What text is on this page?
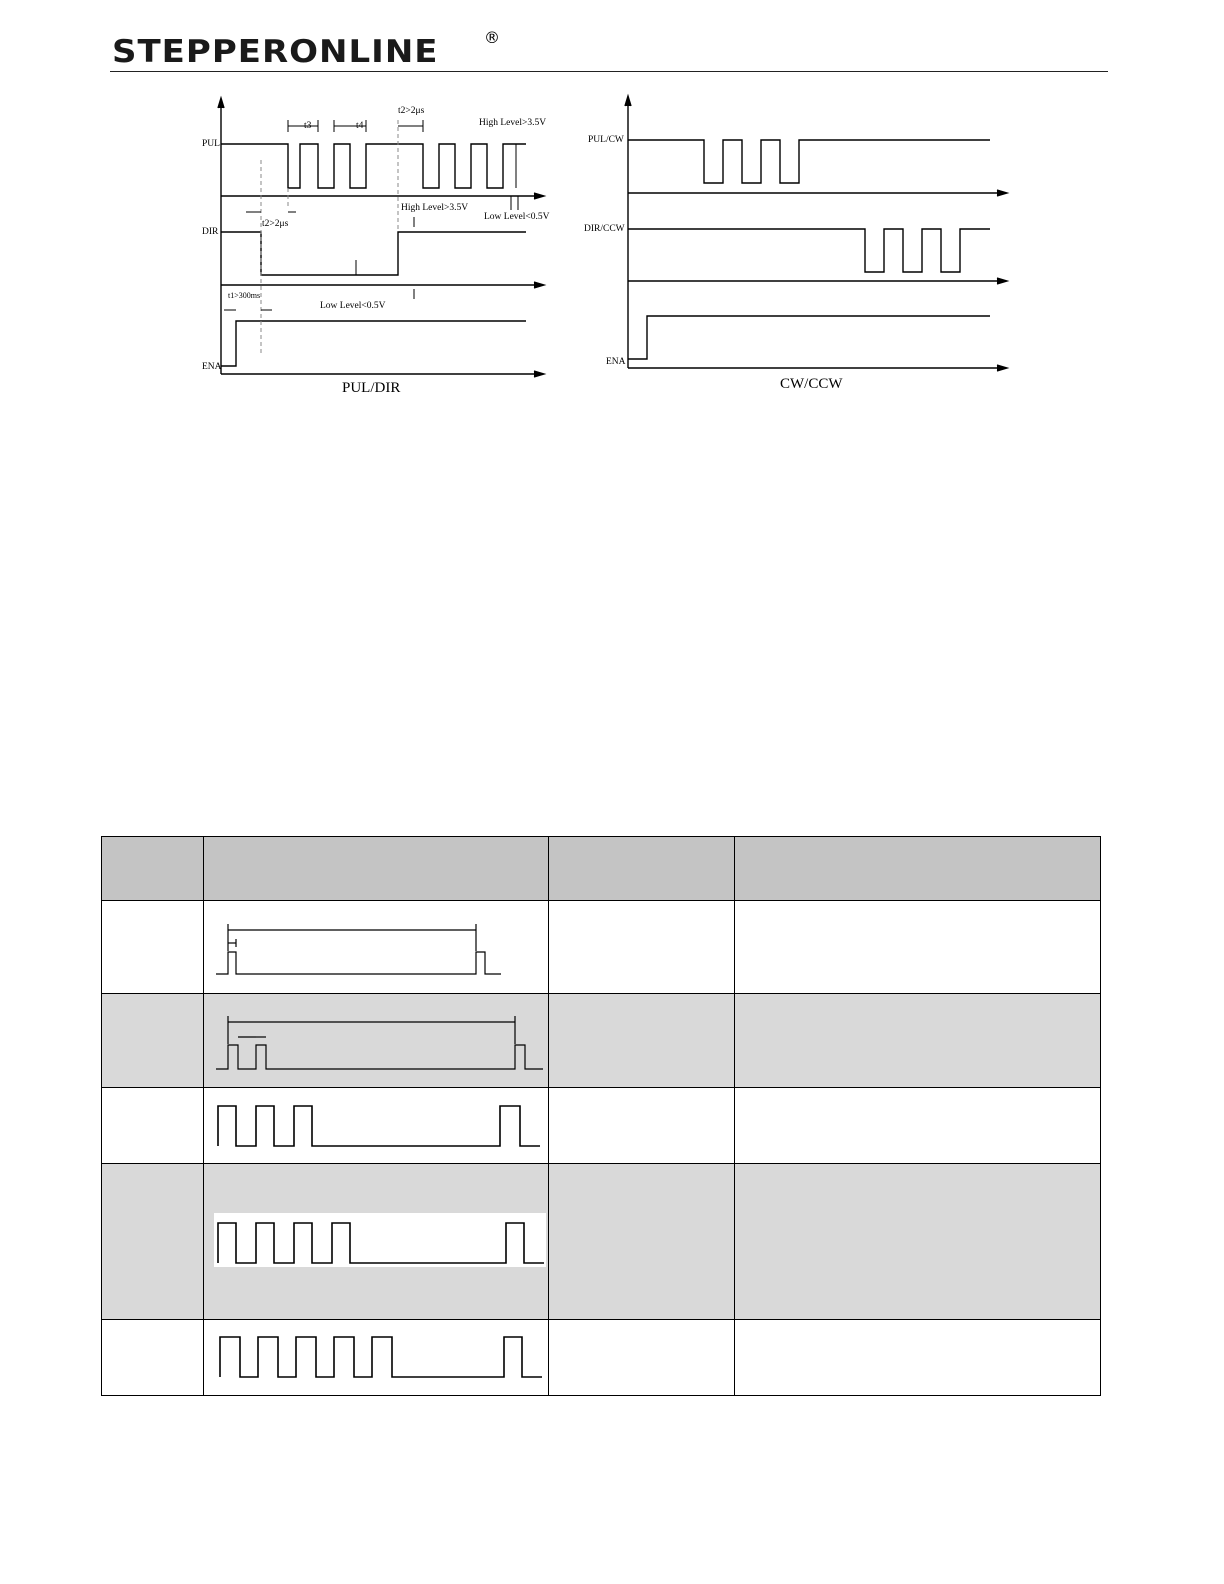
STEPPERONLINE	®
PUL
DIR
ENA
t3	t4
t2>2μs
High Level>3.5V
Low Level<0.5V
High Level>3.5V
t2>2μs
Low Level<0.5V
t1>300ms
PUL/DIR
PUL/CW
DIR/CCW
ENA
CW/CCW
